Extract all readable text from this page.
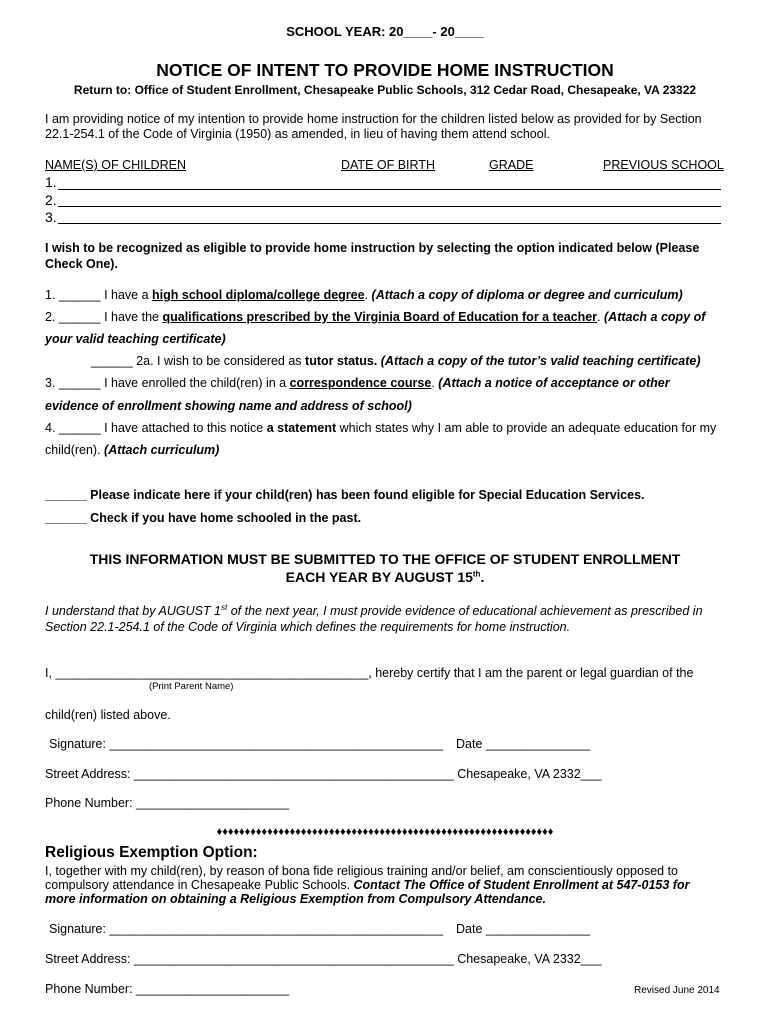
SCHOOL YEAR: 20____- 20____
NOTICE OF INTENT TO PROVIDE HOME INSTRUCTION
Return to: Office of Student Enrollment, Chesapeake Public Schools, 312 Cedar Road, Chesapeake, VA 23322
I am providing notice of my intention to provide home instruction for the children listed below as provided for by Section
22.1-254.1 of the Code of Virginia (1950) as amended, in lieu of having them attend school.
NAME(S) OF CHILDREN	DATE OF BIRTH	GRADE	PREVIOUS SCHOOL
1.
2.
3.
I wish to be recognized as eligible to provide home instruction by selecting the option indicated below (Please
Check One).
1. ______ I have a high school diploma/college degree. (Attach a copy of diploma or degree and curriculum)
2. ______ I have the qualifications prescribed by the Virginia Board of Education for a teacher. (Attach a copy of
your valid teaching certificate)
______ 2a. I wish to be considered as tutor status. (Attach a copy of the tutor’s valid teaching certificate)
3. ______ I have enrolled the child(ren) in a correspondence course. (Attach a notice of acceptance or other
evidence of enrollment showing name and address of school)
4. ______ I have attached to this notice a statement which states why I am able to provide an adequate education for my
child(ren). (Attach curriculum)
______ Please indicate here if your child(ren) has been found eligible for Special Education Services.
______ Check if you have home schooled in the past.
THIS INFORMATION MUST BE SUBMITTED TO THE OFFICE OF STUDENT ENROLLMENT
EACH YEAR BY AUGUST 15th.
I understand that by AUGUST 1st of the next year, I must provide evidence of educational achievement as prescribed in
Section 22.1-254.1 of the Code of Virginia which defines the requirements for home instruction.
I, _____________________________________________, hereby certify that I am the parent or legal guardian of the
(Print Parent Name)
child(ren) listed above.
Signature: ________________________________________________ Date _______________
Street Address: ______________________________________________ Chesapeake, VA 2332___
Phone Number: ______________________
♦♦♦♦♦♦♦♦♦♦♦♦♦♦♦♦♦♦♦♦♦♦♦♦♦♦♦♦♦♦♦♦♦♦♦♦♦♦♦♦♦♦♦♦♦♦♦♦♦♦♦♦♦♦♦♦♦♦♦♦
Religious Exemption Option:
I, together with my child(ren), by reason of bona fide religious training and/or belief, am conscientiously opposed to
compulsory attendance in Chesapeake Public Schools. Contact The Office of Student Enrollment at 547-0153 for
more information on obtaining a Religious Exemption from Compulsory Attendance.
Signature: ________________________________________________ Date _______________
Street Address: ______________________________________________ Chesapeake, VA 2332___
Phone Number: ______________________	Revised June 2014
